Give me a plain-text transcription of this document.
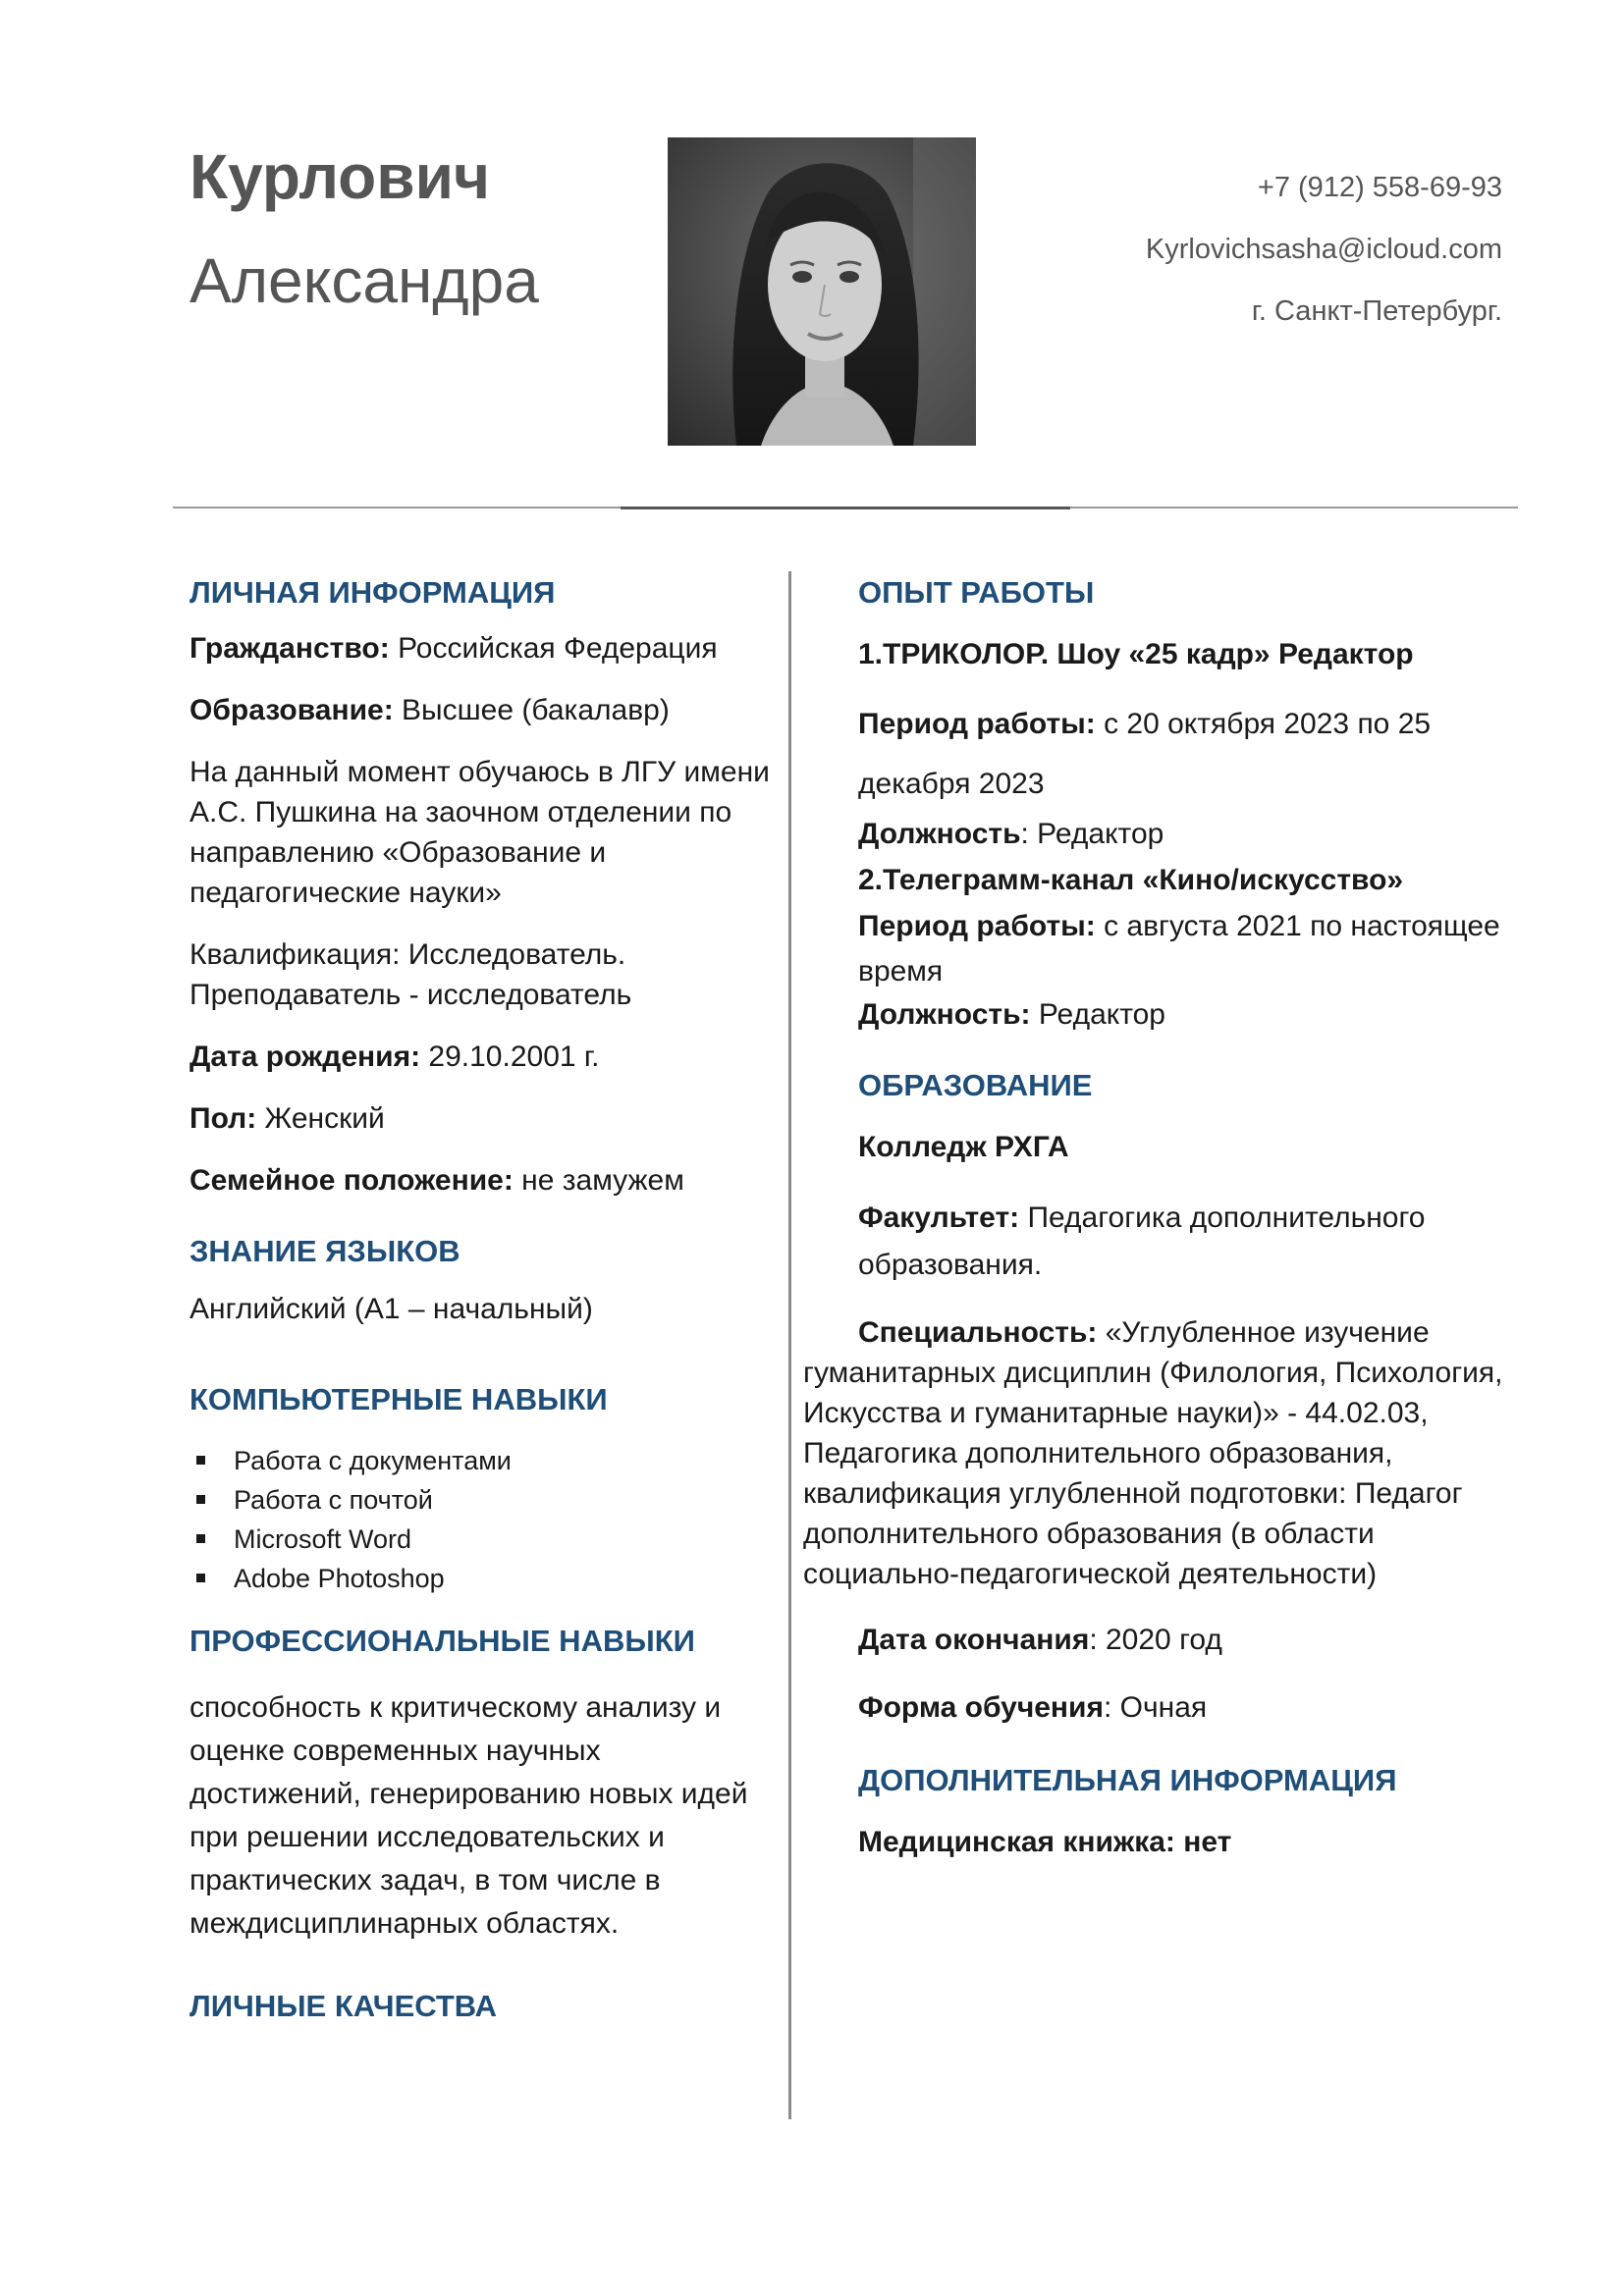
Курлович
Александра
+7 (912) 558-69-93
Kyrlovichsasha@icloud.com
г. Санкт-Петербург.
ЛИЧНАЯ ИНФОРМАЦИЯ

Гражданство: Российская Федерация

Образование: Высшее (бакалавр)

На данный момент обучаюсь в ЛГУ имени А.С. Пушкина на заочном отделении по направлению «Образование и педагогические науки»

Квалификация: Исследователь. Преподаватель - исследователь

Дата рождения: 29.10.2001 г.

Пол: Женский

Семейное положение: не замужем

ЗНАНИЕ ЯЗЫКОВ

Английский (А1 – начальный)

КОМПЬЮТЕРНЫЕ НАВЫКИ
Работа с документами
Работа с почтой
Microsoft Word
Adobe Photoshop
ПРОФЕССИОНАЛЬНЫЕ НАВЫКИ

способность к критическому анализу и оценке современных научных достижений, генерированию новых идей при решении исследовательских и практических задач, в том числе в междисциплинарных областях.

ЛИЧНЫЕ КАЧЕСТВА
ОПЫТ РАБОТЫ

1.ТРИКОЛОР. Шоу «25 кадр» Редактор

Период работы: с 20 октября 2023 по 25 декабря 2023

Должность: Редактор

2.Телеграмм-канал «Кино/искусство»

Период работы: с августа 2021 по настоящее время

Должность: Редактор

ОБРАЗОВАНИЕ

Колледж РХГА

Факультет: Педагогика дополнительного образования.

Специальность: «Углубленное изучение гуманитарных дисциплин (Филология, Психология, Искусства и гуманитарные науки)» - 44.02.03, Педагогика дополнительного образования, квалификация углубленной подготовки: Педагог дополнительного образования (в области социально-педагогической деятельности)

Дата окончания: 2020 год

Форма обучения: Очная

ДОПОЛНИТЕЛЬНАЯ ИНФОРМАЦИЯ

Медицинская книжка: нет
